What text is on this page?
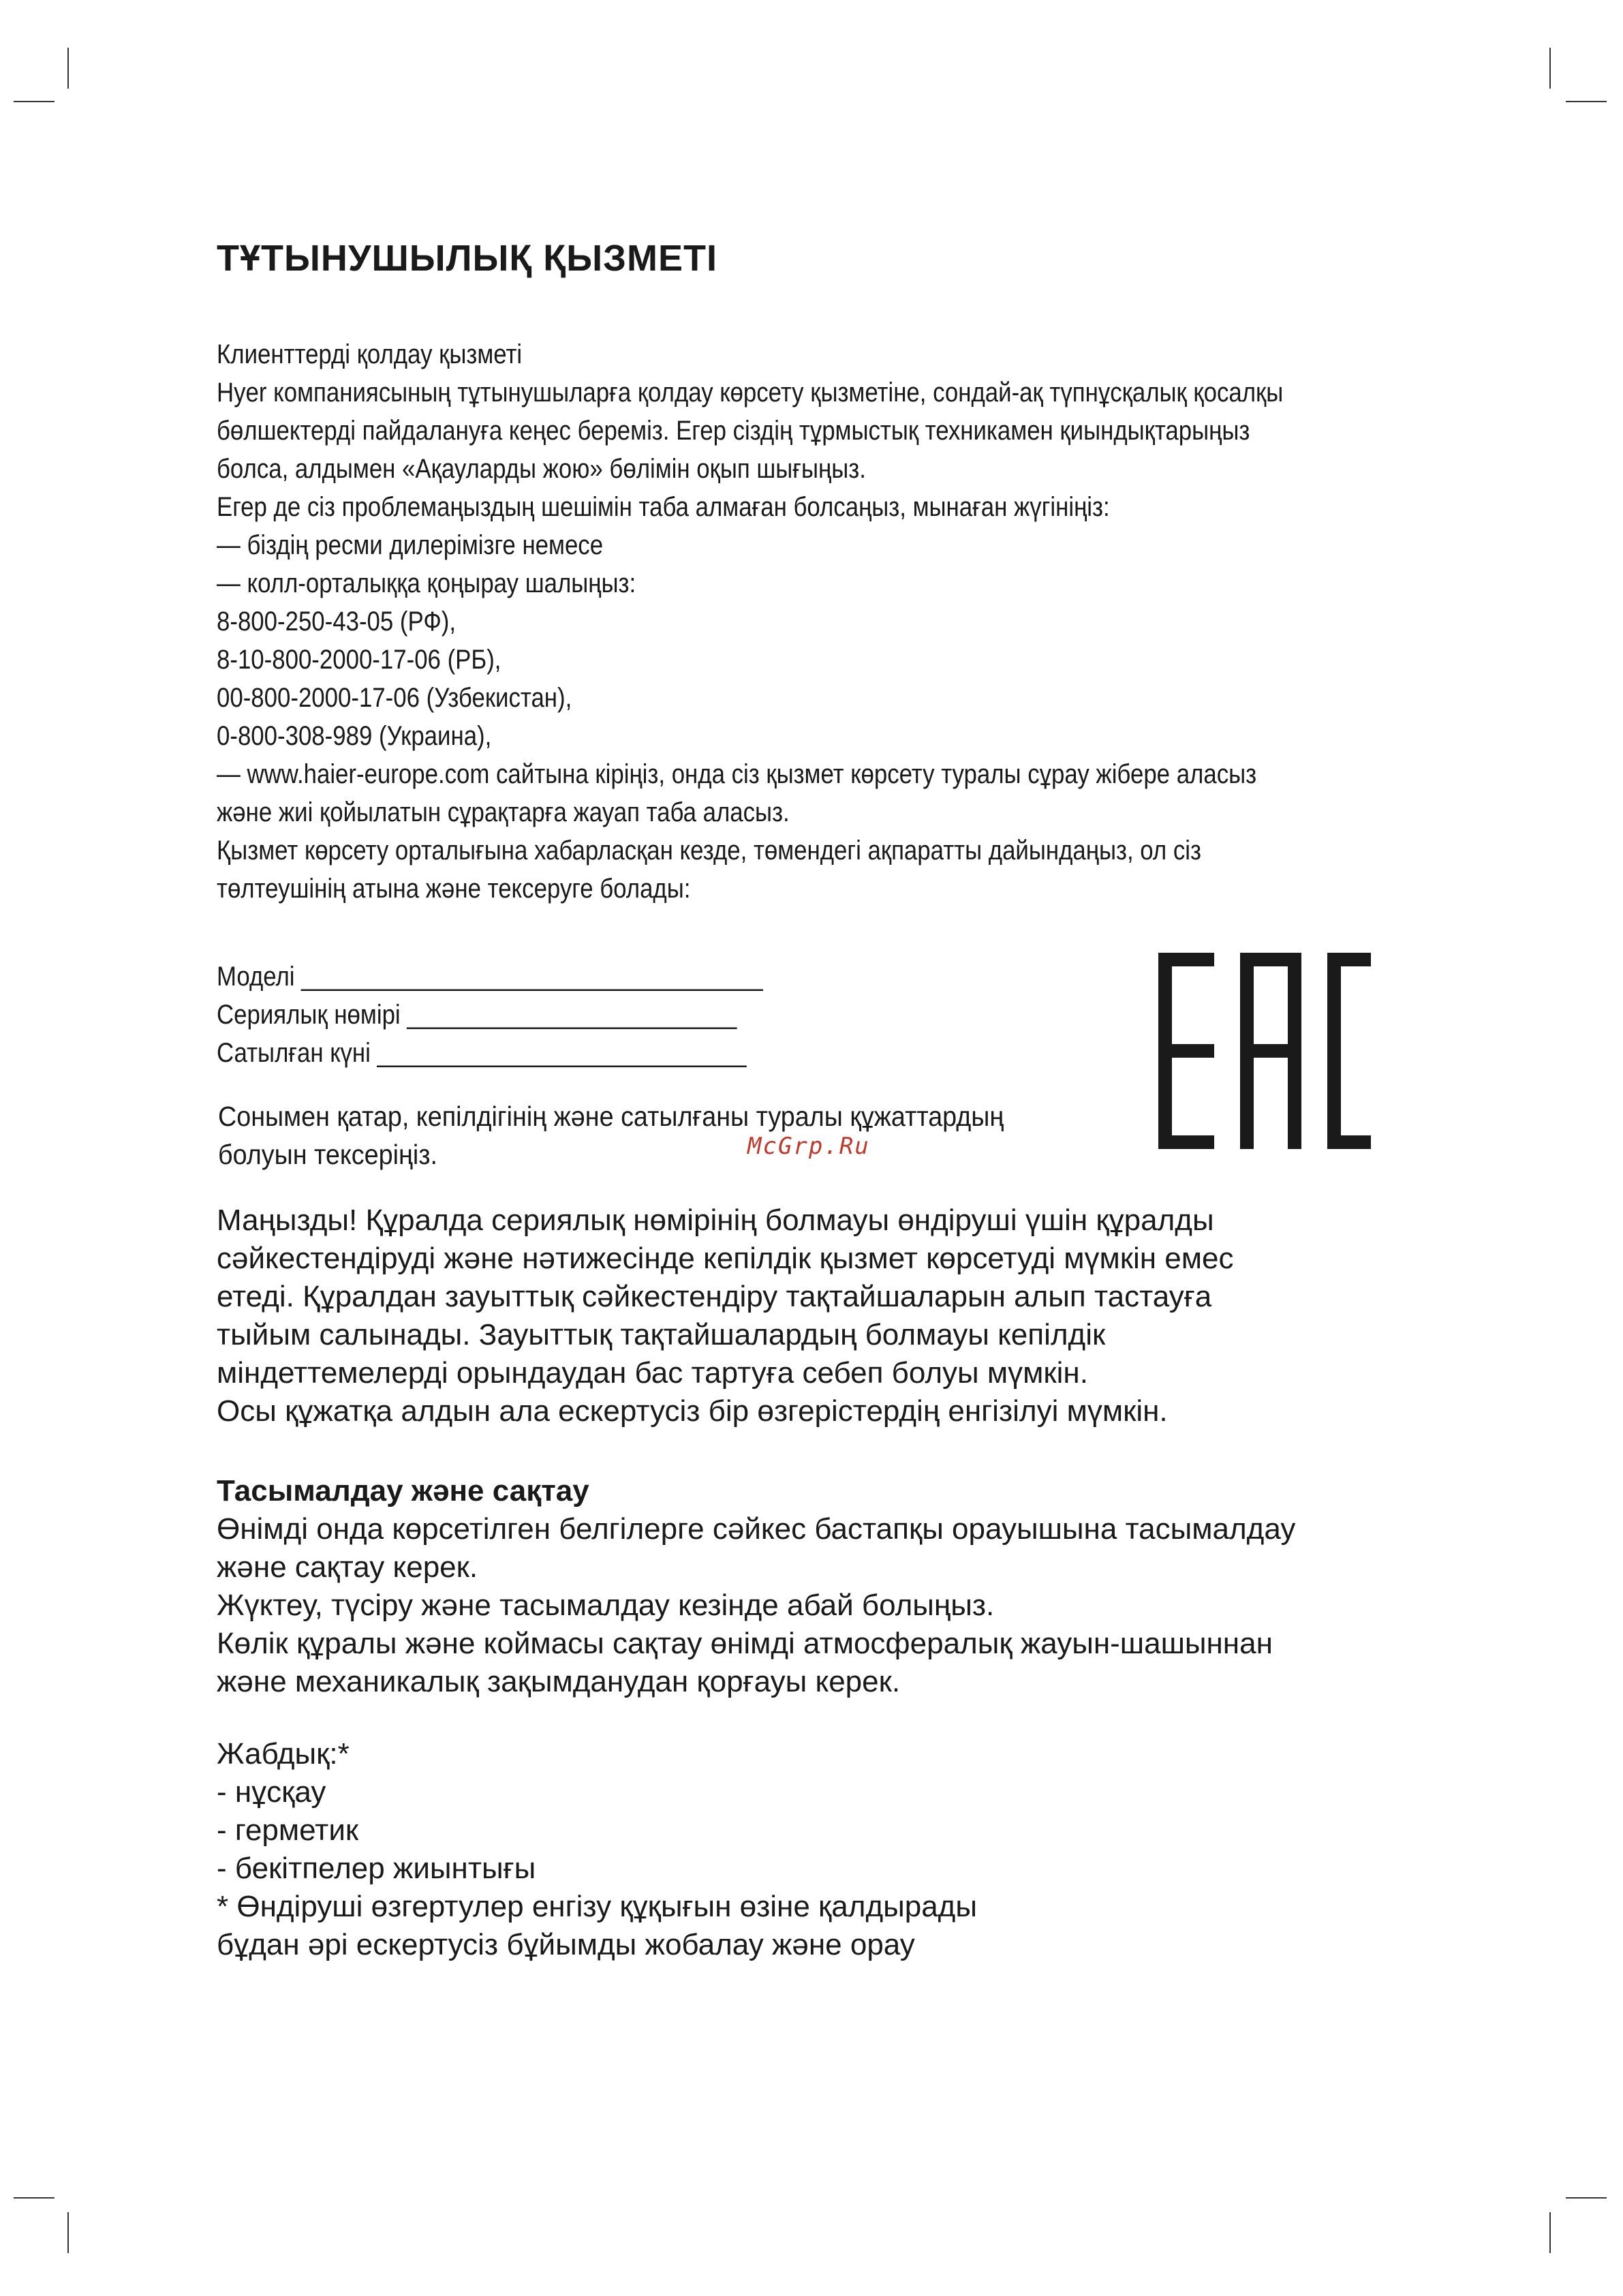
ТҰТЫНУШЫЛЫҚ ҚЫЗМЕТІ

Клиенттерді қолдау қызметі

Hyer компаниясының тұтынушыларға қолдау көрсету қызметіне, сондай-ақ түпнұсқалық қосалқы

бөлшектерді пайдалануға кеңес береміз. Егер сіздің тұрмыстық техникамен қиындықтарыңыз

болса, алдымен «Ақауларды жою» бөлімін оқып шығыңыз.

Егер де сіз проблемаңыздың шешімін таба алмаған болсаңыз, мынаған жүгініңіз:

— біздің ресми дилерімізге немесе

— колл-орталыққа қоңырау шалыңыз:

8-800-250-43-05 (РФ),

8-10-800-2000-17-06 (РБ),

00-800-2000-17-06 (Узбекистан),

0-800-308-989 (Украина),

— www.haier-europe.com сайтына кіріңіз, онда сіз қызмет көрсету туралы сұрау жібере аласыз

және жиі қойылатын сұрақтарға жауап таба аласыз.

Қызмет көрсету орталығына хабарласқан кезде, төмендегі ақпаратты дайындаңыз, ол сіз

төлтеушінің атына және тексеруге болады:

Моделі ___________________________________

Сериялық нөмірі _________________________

Сатылған күні ____________________________

Сонымен қатар, кепілдігінің және сатылғаны туралы құжаттардың

болуын тексеріңіз.	McGrp.Ru

Маңызды! Құралда сериялық нөмірінің болмауы өндіруші үшін құралды

сәйкестендіруді және нәтижесінде кепілдік қызмет көрсетуді мүмкін емес

етеді. Құралдан зауыттық сәйкестендіру тақтайшаларын алып тастауға

тыйым салынады. Зауыттық тақтайшалардың болмауы кепілдік

міндеттемелерді орындаудан бас тартуға себеп болуы мүмкін.

Осы құжатқа алдын ала ескертусіз бір өзгерістердің енгізілуі мүмкін.

Тасымалдау және сақтау

Өнімді онда көрсетілген белгілерге сәйкес бастапқы орауышына тасымалдау

және сақтау керек.

Жүктеу, түсіру және тасымалдау кезінде абай болыңыз.

Көлік құралы және коймасы сақтау өнімді атмосфералық жауын-шашыннан

және механикалық зақымданудан қорғауы керек.

Жабдық:*

- нұсқау

- герметик

- бекітпелер жиынтығы

* Өндіруші өзгертулер енгізу құқығын өзіне қалдырады

бұдан әрі ескертусіз бұйымды жобалау және орау
